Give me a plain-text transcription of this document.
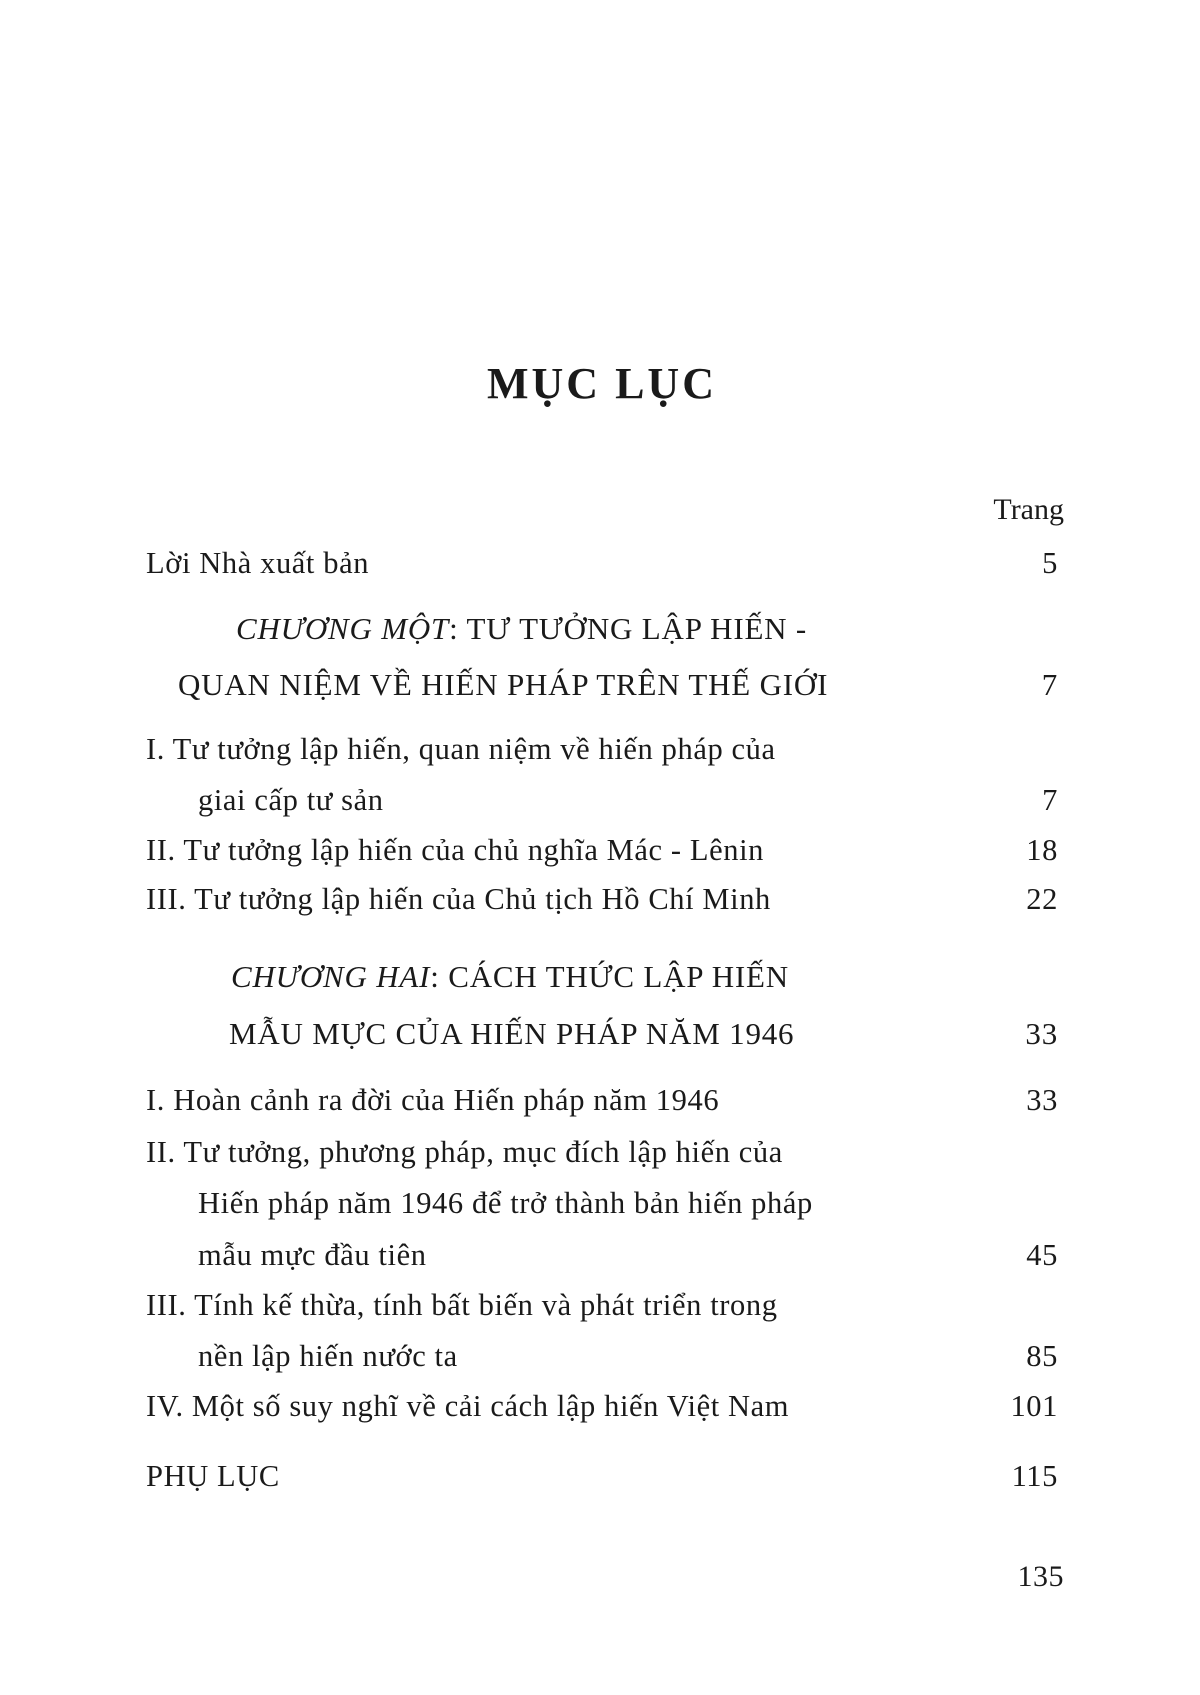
MỤC LỤC
Trang
Lời Nhà xuất bản	5
CHƯƠNG MỘT: TƯ TƯỞNG LẬP HIẾN -
QUAN NIỆM VỀ HIẾN PHÁP TRÊN THẾ GIỚI	7
I. Tư tưởng lập hiến, quan niệm về hiến pháp của
giai cấp tư sản	7
II. Tư tưởng lập hiến của chủ nghĩa Mác - Lênin	18
III. Tư tưởng lập hiến của Chủ tịch Hồ Chí Minh	22
CHƯƠNG HAI: CÁCH THỨC LẬP HIẾN
MẪU MỰC CỦA HIẾN PHÁP NĂM 1946	33
I. Hoàn cảnh ra đời của Hiến pháp năm 1946	33
II. Tư tưởng, phương pháp, mục đích lập hiến của
Hiến pháp năm 1946 để trở thành bản hiến pháp
mẫu mực đầu tiên	45
III. Tính kế thừa, tính bất biến và phát triển trong
nền lập hiến nước ta	85
IV. Một số suy nghĩ về cải cách lập hiến Việt Nam	101
PHỤ LỤC	115
135
